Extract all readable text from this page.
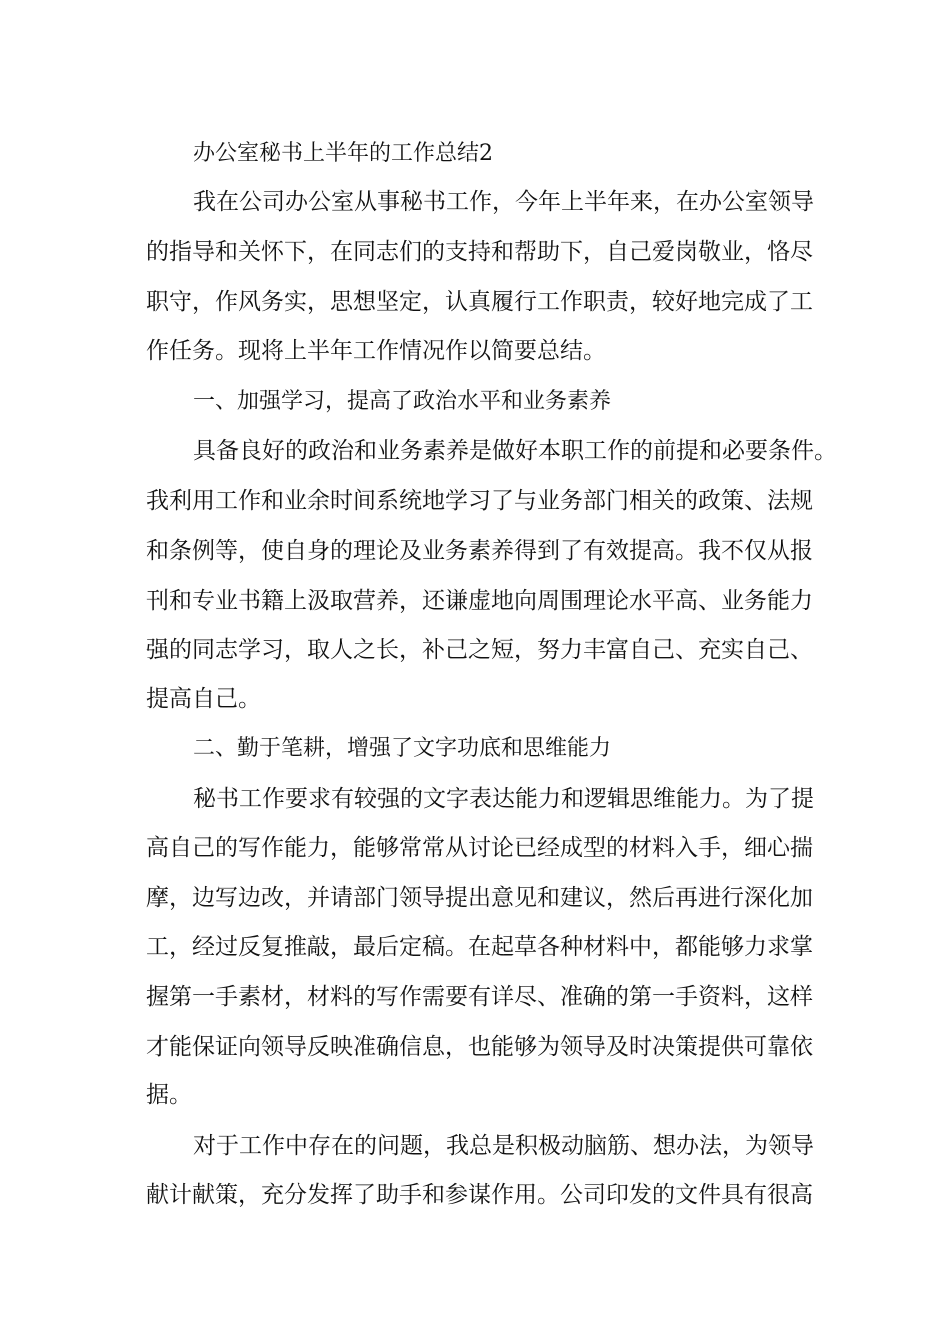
办公室秘书上半年的工作总结2

我在公司办公室从事秘书工作，今年上半年来，在办公室领导

的指导和关怀下，在同志们的支持和帮助下，自己爱岗敬业，恪尽

职守，作风务实，思想坚定，认真履行工作职责，较好地完成了工

作任务。现将上半年工作情况作以简要总结。

一、加强学习，提高了政治水平和业务素养

具备良好的政治和业务素养是做好本职工作的前提和必要条件。

我利用工作和业余时间系统地学习了与业务部门相关的政策、法规

和条例等，使自身的理论及业务素养得到了有效提高。我不仅从报

刊和专业书籍上汲取营养，还谦虚地向周围理论水平高、业务能力

强的同志学习，取人之长，补己之短，努力丰富自己、充实自己、

提高自己。

二、勤于笔耕，增强了文字功底和思维能力

秘书工作要求有较强的文字表达能力和逻辑思维能力。为了提

高自己的写作能力，能够常常从讨论已经成型的材料入手，细心揣

摩，边写边改，并请部门领导提出意见和建议，然后再进行深化加

工，经过反复推敲，最后定稿。在起草各种材料中，都能够力求掌

握第一手素材，材料的写作需要有详尽、准确的第一手资料，这样

才能保证向领导反映准确信息，也能够为领导及时决策提供可靠依

据。

对于工作中存在的问题，我总是积极动脑筋、想办法，为领导

献计献策，充分发挥了助手和参谋作用。公司印发的文件具有很高
